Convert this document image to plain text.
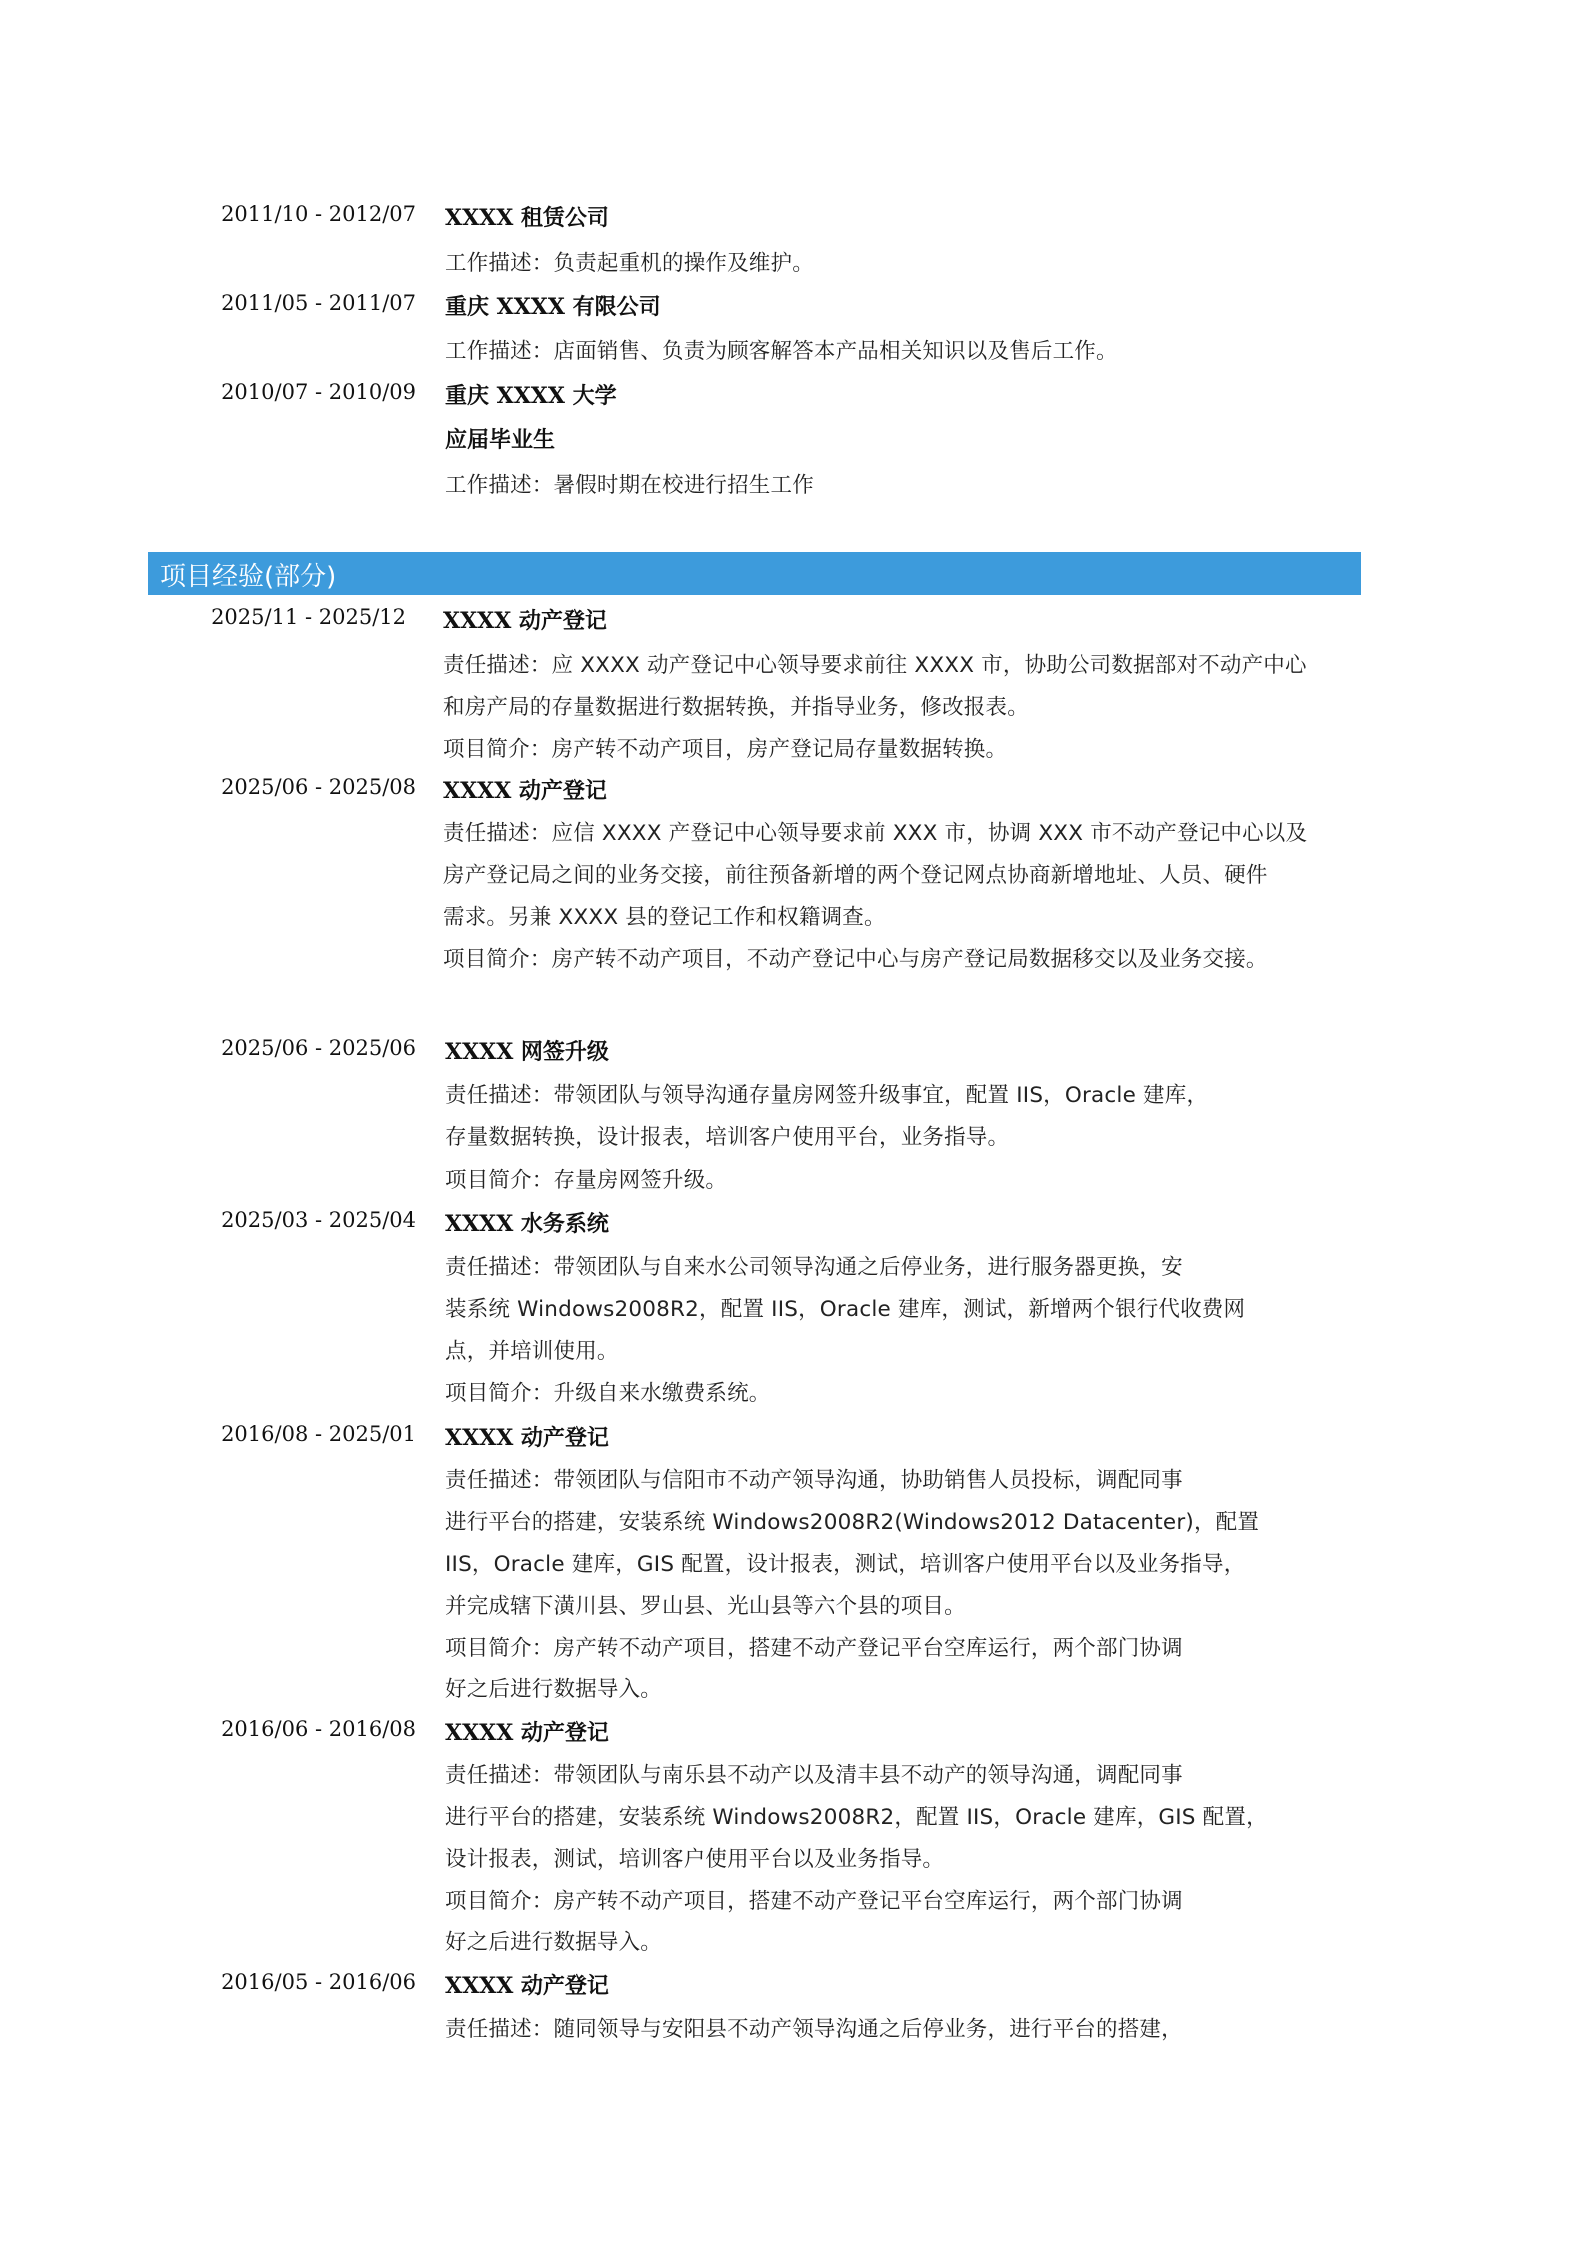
2011/10 - 2012/07 XXXX 租赁公司
工作描述：负责起重机的操作及维护。
2011/05 - 2011/07 重庆 XXXX 有限公司
工作描述：店面销售、负责为顾客解答本产品相关知识以及售后工作。
2010/07 - 2010/09 重庆 XXXX 大学
应届毕业生
工作描述：暑假时期在校进行招生工作
项目经验(部分)
2025/11 - 2025/12 XXXX 动产登记
责任描述：应 XXXX 动产登记中心领导要求前往 XXXX 市，协助公司数据部对不动产中心
和房产局的存量数据进行数据转换，并指导业务，修改报表。
项目简介：房产转不动产项目，房产登记局存量数据转换。
2025/06 - 2025/08 XXXX 动产登记
责任描述：应信 XXXX 产登记中心领导要求前 XXX 市，协调 XXX 市不动产登记中心以及
房产登记局之间的业务交接，前往预备新增的两个登记网点协商新增地址、人员、硬件
需求。另兼 XXXX 县的登记工作和权籍调查。
项目简介：房产转不动产项目，不动产登记中心与房产登记局数据移交以及业务交接。
2025/06 - 2025/06 XXXX 网签升级
责任描述：带领团队与领导沟通存量房网签升级事宜，配置 IIS，Oracle 建库，
存量数据转换，设计报表，培训客户使用平台，业务指导。
项目简介：存量房网签升级。
2025/03 - 2025/04 XXXX 水务系统
责任描述：带领团队与自来水公司领导沟通之后停业务，进行服务器更换，安
装系统 Windows2008R2，配置 IIS，Oracle 建库，测试，新增两个银行代收费网
点，并培训使用。
项目简介：升级自来水缴费系统。
2016/08 - 2025/01 XXXX 动产登记
责任描述：带领团队与信阳市不动产领导沟通，协助销售人员投标，调配同事
进行平台的搭建，安装系统 Windows2008R2(Windows2012 Datacenter)，配置
IIS，Oracle 建库，GIS 配置，设计报表，测试，培训客户使用平台以及业务指导，
并完成辖下潢川县、罗山县、光山县等六个县的项目。
项目简介：房产转不动产项目，搭建不动产登记平台空库运行，两个部门协调
好之后进行数据导入。
2016/06 - 2016/08 XXXX 动产登记
责任描述：带领团队与南乐县不动产以及清丰县不动产的领导沟通，调配同事
进行平台的搭建，安装系统 Windows2008R2，配置 IIS，Oracle 建库，GIS 配置，
设计报表，测试，培训客户使用平台以及业务指导。
项目简介：房产转不动产项目，搭建不动产登记平台空库运行，两个部门协调
好之后进行数据导入。
2016/05 - 2016/06 XXXX 动产登记
责任描述：随同领导与安阳县不动产领导沟通之后停业务，进行平台的搭建，
